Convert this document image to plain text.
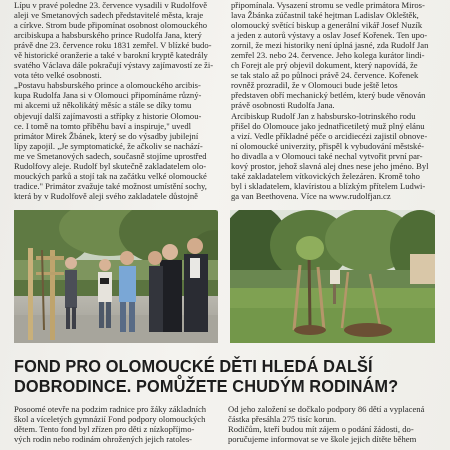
Lípu v pravé poledne 23. července vysadili v Rudolfově
aleji ve Smetanových sadech představitelé města, kraje
a církve. Strom bude připomínat osobnost olomouckého
arcibiskupa a habsburského prince Rudolfa Jana, který
právě dne 23. července roku 1831 zemřel. V blízké budo-
vě historické oranžerie a také v barokní kryptě katedrály
svatého Václava dále pokračují výstavy zajímavostí ze ži-
vota této velké osobnosti.
„Postavu habsburského prince a olomouckého arcibis-
kupa Rudolfa Jana si v Olomouci připomínáme různý-
mi akcemi už několikátý měsíc a stále se díky tomu
objevují další zajímavosti a střípky z historie Olomou-
ce. I tomě na tomto příběhu baví a inspiruje," uvedl
primátor Mirek Žbánek, který se do výsadby jubilejní
lípy zapojil. „Je symptomatické, že ačkoliv se nachází-
me ve Smetanových sadech, současně stojíme uprostřed
Rudolfovy aleje. Rudolf byl skutečně zakladatelem olo-
mouckých parků a stojí tak na začátku velké olomoucké
tradice." Primátor zvažuje také možnost umístění sochy,
která by v Rudolfově aleji svého zakladatele důstojně
připomínala. Vysazení stromu se vedle primátora Miros-
lava Žbánka zúčastnil také hejtman Ladislav Okleštěk,
olomoucký světící biskup a generální vikář Josef Nuzík
a jeden z autorů výstavy a oslav Josef Kořenek. Ten upo-
zornil, že mezi historiky není úplná jasné, zda Rudolf Jan
zemřel 23. nebo 24. července. Jeho kolega kurátor lindi-
ch Forejt ale prý objevil dokument, který napovídá, že
se tak stalo až po půlnoci právě 24. července. Kořenek
rovněž prozradil, že v Olomouci bude ještě letos
představen obří mechanický betlém, který bude věnován
právě osobnosti Rudolfa Jana.
Arcibiskup Rudolf Jan z habsbursko-lotrinského rodu
přišel do Olomouce jako jednatřicetiletý muž plný elánu
a vizí. Vedle příkladné péče o arcidiecézi zajistil obnove-
ní olomoucké univerzity, přispěl k vybudování městské-
ho divadla a v Olomouci také nechal vytvořit první par-
kový prostor, jehož slavná alej dnes nese jeho jméno. Byl
také zakladatelem vítkovických železáren. Kromě toho
byl i skladatelem, klavíristou a blízkým přítelem Ludwi-
ga van Beethovena. Více na www.rudolfjan.cz
FOND PRO OLOMOUCKÉ DĚTI HLEDÁ DALŠÍ
DOBRODINCE. POMŮŽETE CHUDÝM RODINÁM?
Posoomé otevře na podzim radnice pro žáky základních
škol a víceletých gymnázií Fond podpory olomouckých
dětem. Tento fond byl zřízen pro děti z nízkopříjmo-
vých rodin nebo rodinám ohrožených jejich ratoles-
Od jeho založení se dočkalo podpory 86 dětí a vyplacená
částka přesáhla 275 tisíc korun.
Rodičům, kteří budou mít zájem o podání žádosti, do-
poručujeme informovat se ve škole jejich dítěte během
